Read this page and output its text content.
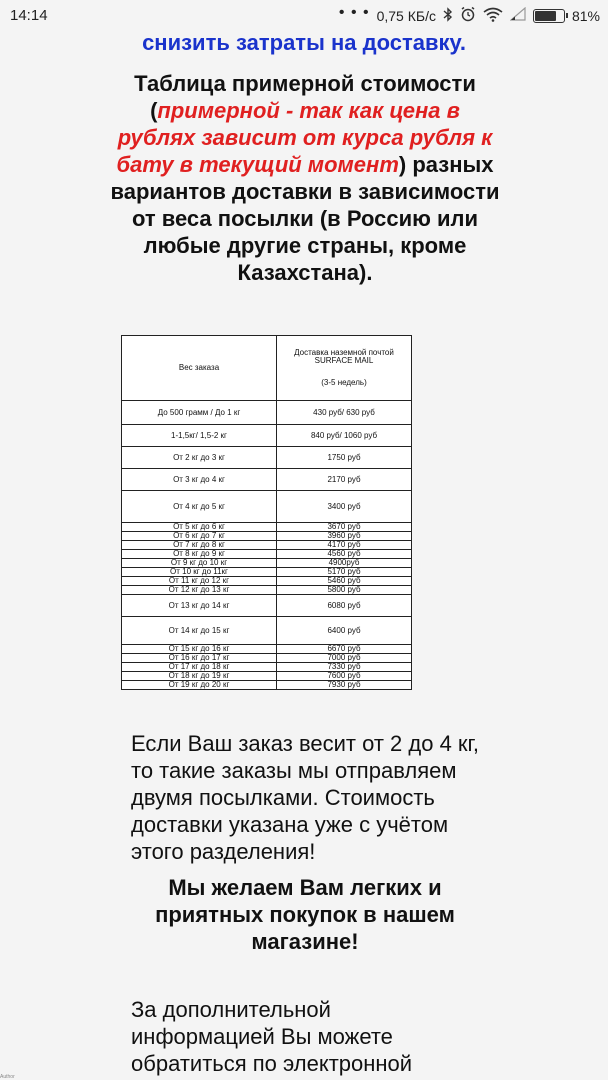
14:14	• • • 0,75 КБ/с	81%

снизить затраты на доставку.

Таблица примерной стоимости (примерной - так как цена в рублях зависит от курса рубля к бату в текущий момент) разных вариантов доставки в зависимости от веса посылки (в Россию или любые другие страны, кроме Казахстана).
Вес заказа	Доставка наземной почтой
SURFACE MAIL
(3-5 недель)

До 500 грамм / До 1 кг	430 руб/ 630 руб
1-1,5кг/ 1,5-2 кг	840 руб/ 1060 руб
От 2 кг до 3 кг	1750 руб
От 3 кг до 4 кг	2170 руб
От 4 кг до 5 кг	3400 руб
От 5 кг до 6 кг	3670 руб
От 6 кг до 7 кг	3960 руб
От 7 кг до 8 кг	4170 руб
От 8 кг до 9 кг	4560 руб
От 9 кг до 10 кг	4900руб
От 10 кг до 11кг	5170 руб
От 11 кг до 12 кг	5460 руб
От 12 кг до 13 кг	5800 руб
От 13 кг до 14 кг	6080 руб
От 14 кг до 15 кг	6400 руб
От 15 кг до 16 кг	6670 руб
От 16 кг до 17 кг	7000 руб
От 17 кг до 18 кг	7330 руб
От 18 кг до 19 кг	7600 руб
От 19 кг до 20 кг	7930 руб
Если Ваш заказ весит от 2 до 4 кг, то такие заказы мы отправляем двумя посылками. Стоимость доставки указана уже с учётом этого разделения!
Мы желаем Вам легких и приятных покупок в нашем магазине!
За дополнительной информацией Вы можете обратиться по электронной
Author
